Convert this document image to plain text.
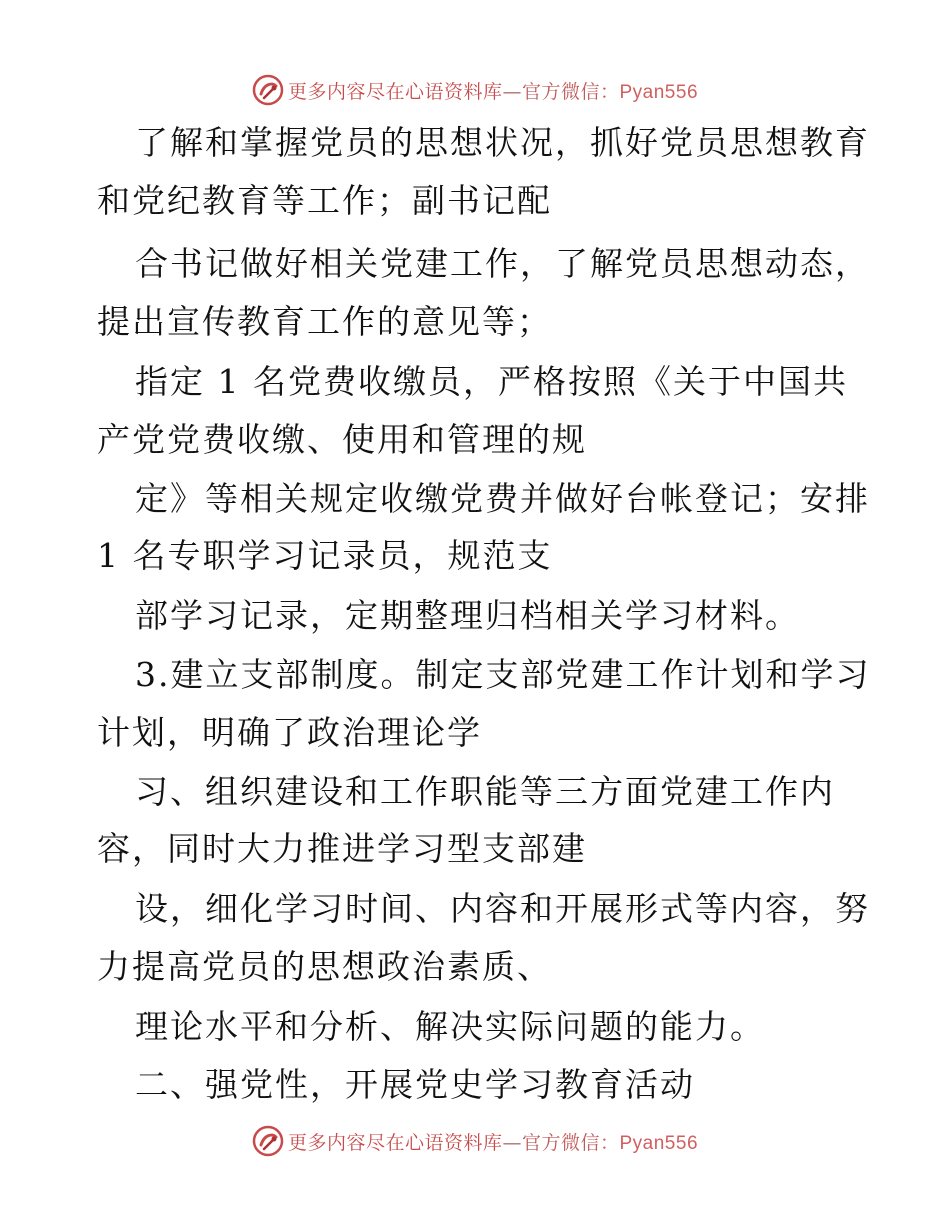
更多内容尽在心语资料库—官方微信：Pyan556
了解和掌握党员的思想状况，抓好党员思想教育
和党纪教育等工作；副书记配
合书记做好相关党建工作，了解党员思想动态，
提出宣传教育工作的意见等；
指定 1 名党费收缴员，严格按照《关于中国共
产党党费收缴、使用和管理的规
定》等相关规定收缴党费并做好台帐登记；安排
1 名专职学习记录员，规范支
部学习记录，定期整理归档相关学习材料。
3.建立支部制度。制定支部党建工作计划和学习
计划，明确了政治理论学
习、组织建设和工作职能等三方面党建工作内
容，同时大力推进学习型支部建
设，细化学习时间、内容和开展形式等内容，努
力提高党员的思想政治素质、
理论水平和分析、解决实际问题的能力。
二、强党性，开展党史学习教育活动
更多内容尽在心语资料库—官方微信：Pyan556
